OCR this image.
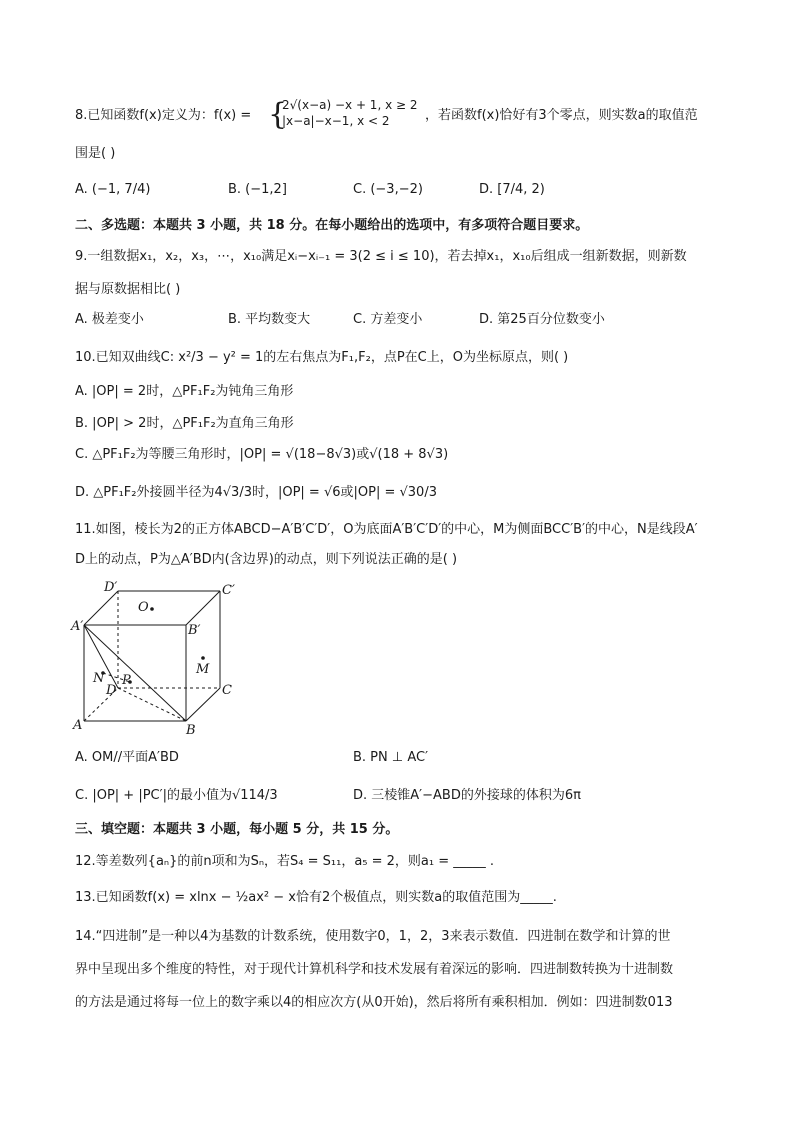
8.已知函数f(x)定义为：f(x) = {
2√(x−a) −x + 1, x ≥ 2
|x−a|−x−1, x < 2	，若函数f(x)恰好有3个零点，则实数a的取值范
围是( )
A. (−1, 7/4)	B. (−1,2]	C. (−3,−2)	D. [7/4, 2)
二、多选题：本题共 3 小题，共 18 分。在每小题给出的选项中，有多项符合题目要求。
9.一组数据x₁，x₂，x₃，⋯，x₁₀满足xᵢ−xᵢ₋₁ = 3(2 ≤ i ≤ 10)，若去掉x₁，x₁₀后组成一组新数据，则新数
据与原数据相比( )
A. 极差变小	B. 平均数变大	C. 方差变小	D. 第25百分位数变小
10.已知双曲线C: x²/3 − y² = 1的左右焦点为F₁,F₂，点P在C上，O为坐标原点，则( )
A. |OP| = 2时，△PF₁F₂为钝角三角形
B. |OP| > 2时，△PF₁F₂为直角三角形
C. △PF₁F₂为等腰三角形时，|OP| = √(18−8√3)或√(18 + 8√3)
D. △PF₁F₂外接圆半径为4√3/3时，|OP| = √6或|OP| = √30/3
11.如图，棱长为2的正方体ABCD−A′B′C′D′，O为底面A′B′C′D′的中心，M为侧面BCC′B′的中心，N是线段A′
D上的动点，P为△A′BD内(含边界)的动点，则下列说法正确的是( )
D′	C′
A′	B′
O
M
N P
D	C
A	B
A. OM//平面A′BD	B. PN ⊥ AC′
C. |OP| + |PC′|的最小值为√114/3	D. 三棱锥A′−ABD的外接球的体积为6π
三、填空题：本题共 3 小题，每小题 5 分，共 15 分。
12.等差数列{aₙ}的前n项和为Sₙ，若S₄ = S₁₁，a₅ = 2，则a₁ = _____ .
13.已知函数f(x) = xlnx − ½ax² − x恰有2个极值点，则实数a的取值范围为_____.
14.“四进制”是一种以4为基数的计数系统，使用数字0，1，2，3来表示数值．四进制在数学和计算的世
界中呈现出多个维度的特性，对于现代计算机科学和技术发展有着深远的影响．四进制数转换为十进制数
的方法是通过将每一位上的数字乘以4的相应次方(从0开始)，然后将所有乘积相加．例如：四进制数013
